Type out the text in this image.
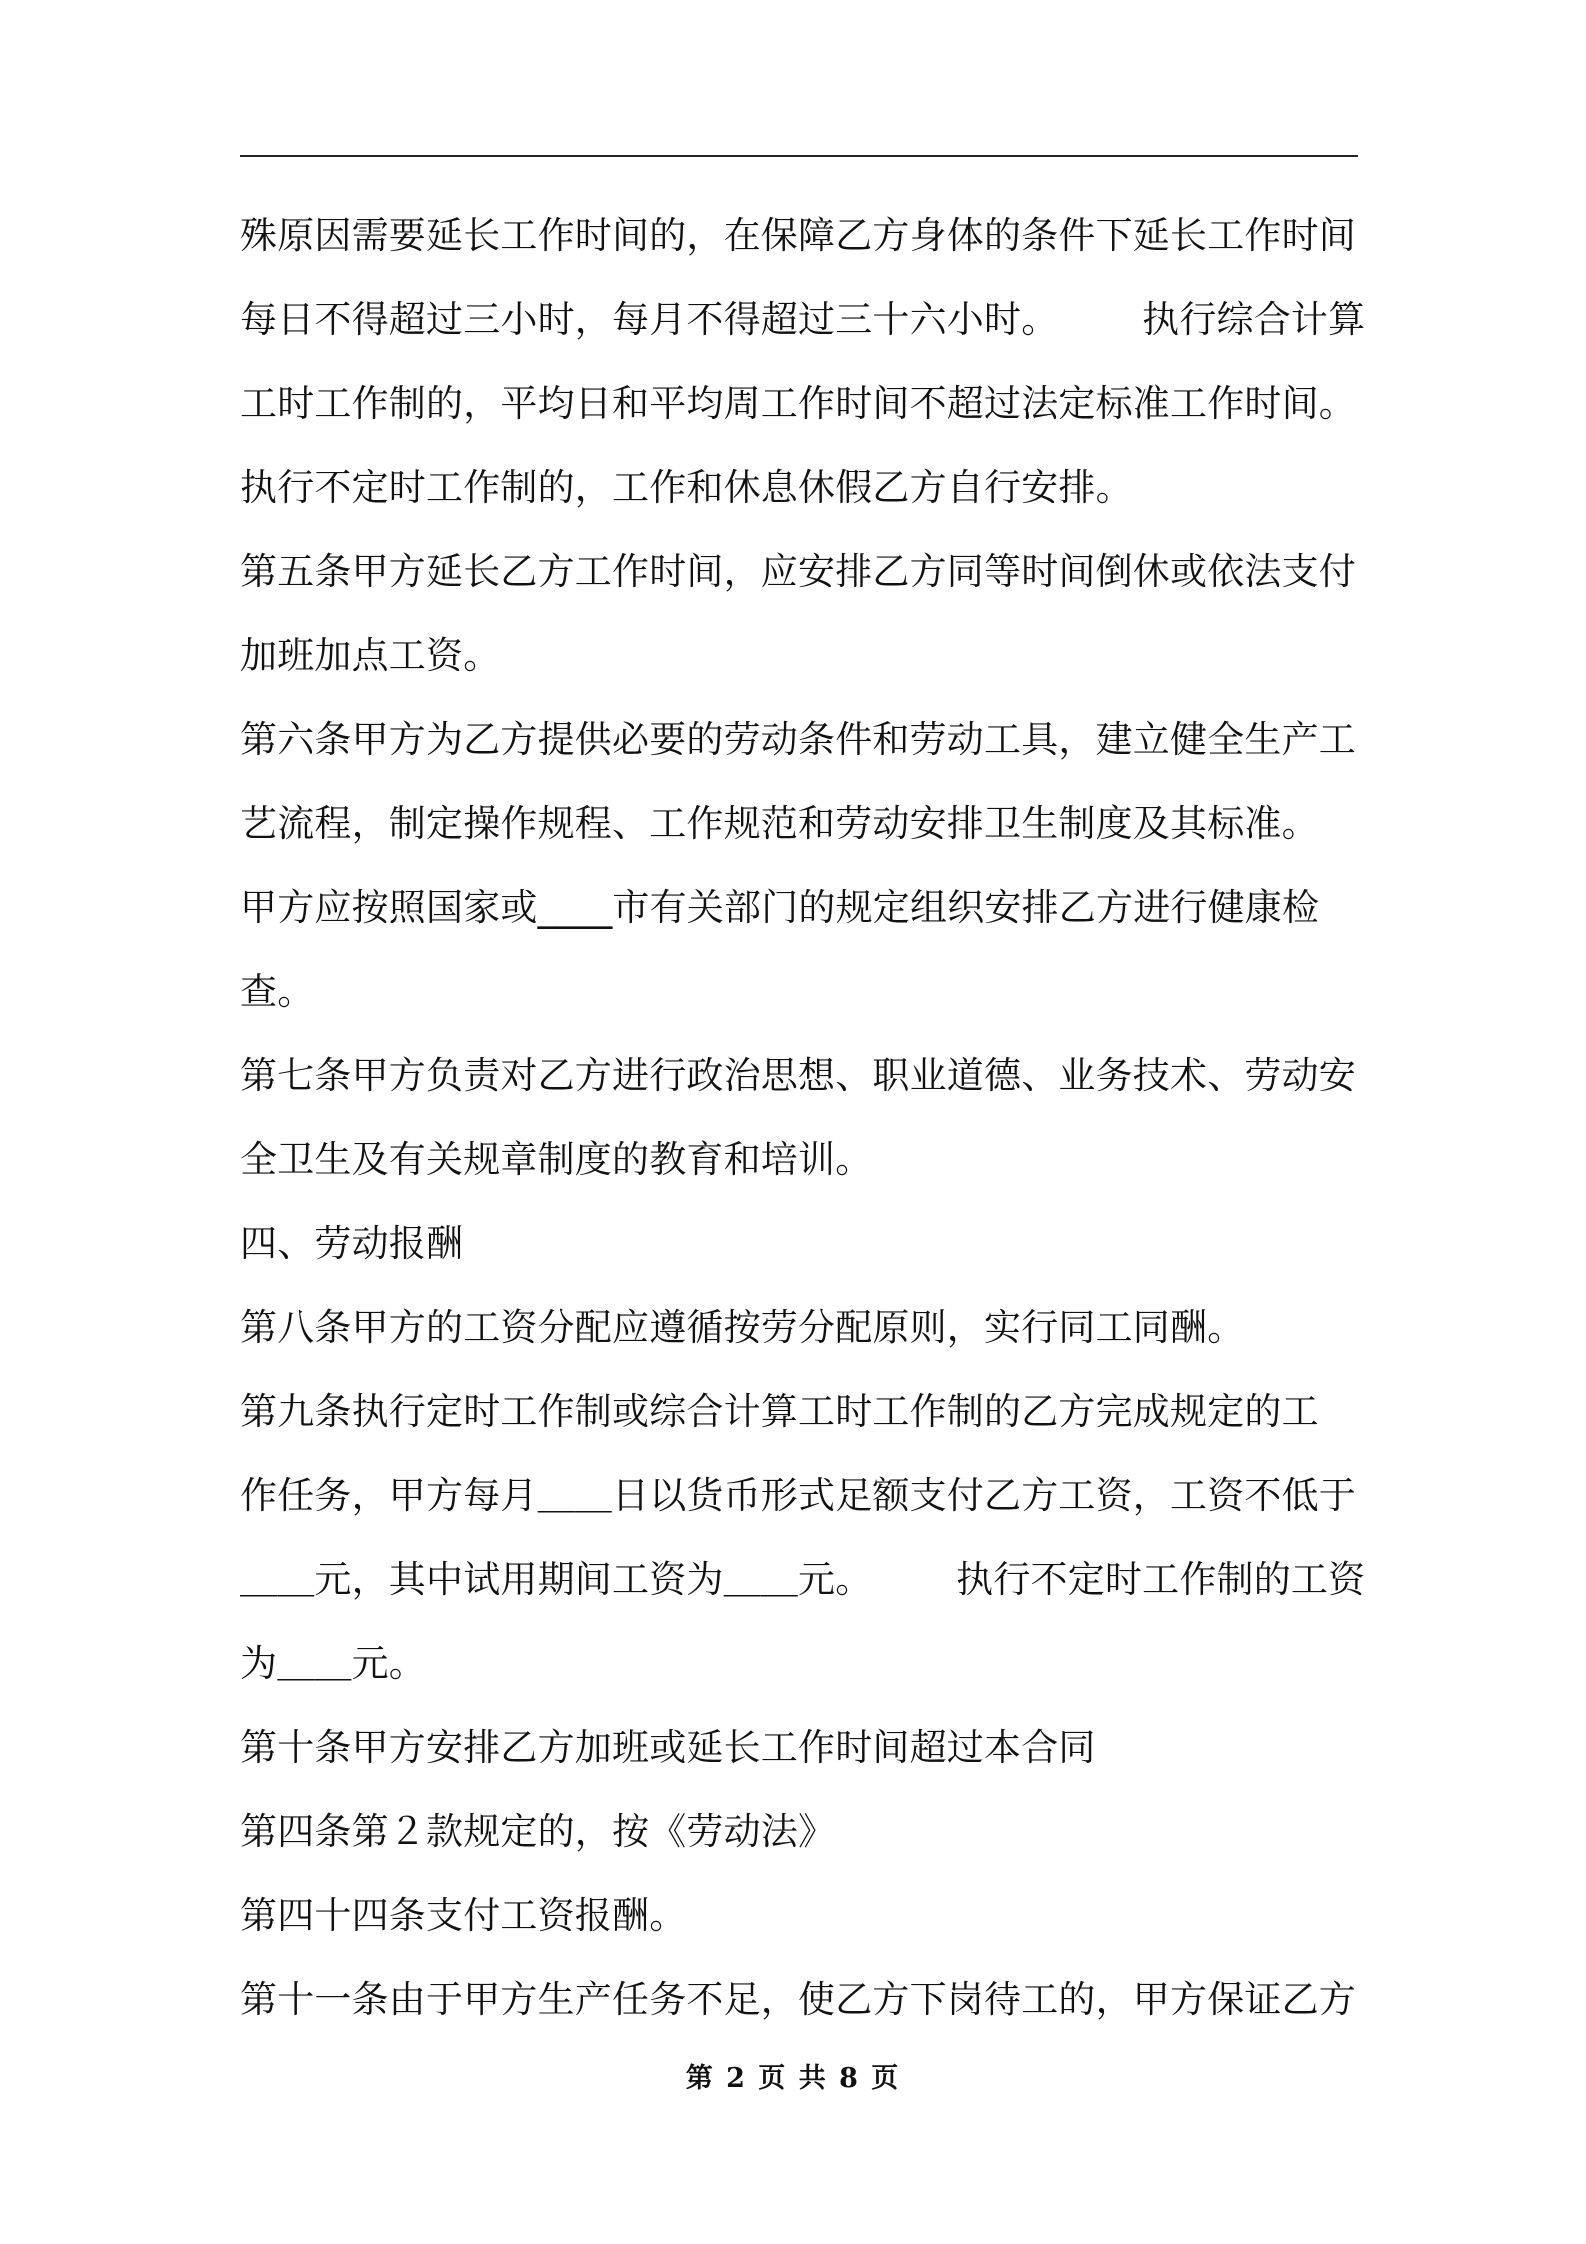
殊原因需要延长工作时间的，在保障乙方身体的条件下延长工作时间
每日不得超过三小时，每月不得超过三十六小时。       执行综合计算
工时工作制的，平均日和平均周工作时间不超过法定标准工作时间。
执行不定时工作制的，工作和休息休假乙方自行安排。
第五条甲方延长乙方工作时间，应安排乙方同等时间倒休或依法支付
加班加点工资。
第六条甲方为乙方提供必要的劳动条件和劳动工具，建立健全生产工
艺流程，制定操作规程、工作规范和劳动安排卫生制度及其标准。
甲方应按照国家或____市有关部门的规定组织安排乙方进行健康检
查。
第七条甲方负责对乙方进行政治思想、职业道德、业务技术、劳动安
全卫生及有关规章制度的教育和培训。
四、劳动报酬
第八条甲方的工资分配应遵循按劳分配原则，实行同工同酬。
第九条执行定时工作制或综合计算工时工作制的乙方完成规定的工
作任务，甲方每月＿＿日以货币形式足额支付乙方工资，工资不低于
＿＿元，其中试用期间工资为＿＿元。       执行不定时工作制的工资
为＿＿元。
第十条甲方安排乙方加班或延长工作时间超过本合同
第四条第２款规定的，按《劳动法》
第四十四条支付工资报酬。
第十一条由于甲方生产任务不足，使乙方下岗待工的，甲方保证乙方
第 2 页 共 8 页
